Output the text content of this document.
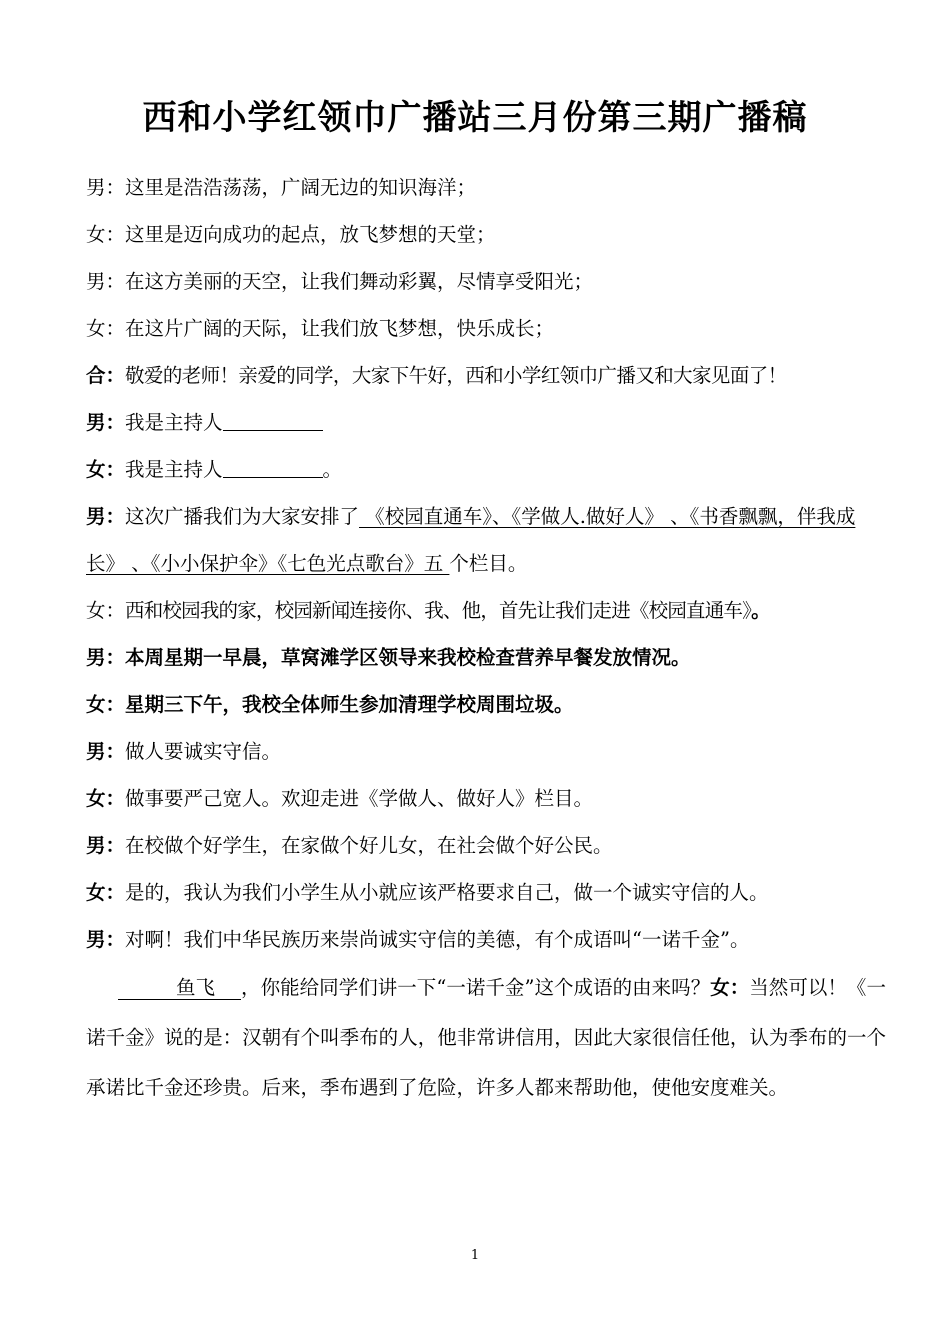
西和小学红领巾广播站三月份第三期广播稿
男：这里是浩浩荡荡，广阔无边的知识海洋；
女：这里是迈向成功的起点，放飞梦想的天堂；
男：在这方美丽的天空，让我们舞动彩翼，尽情享受阳光；
女：在这片广阔的天际，让我们放飞梦想，快乐成长；
合：敬爱的老师！亲爱的同学，大家下午好，西和小学红领巾广播又和大家见面了！
男：我是主持人
女：我是主持人	。
男：这次广播我们为大家安排了 《校园直通车》、《学做人.做好人》 、《书香飘飘，伴我成长》 、《小小保护伞》《七色光点歌台》五 个栏目。
女：西和校园我的家，校园新闻连接你、我、他，首先让我们走进《校园直通车》。
男：本周星期一早晨，草窝滩学区领导来我校检查营养早餐发放情况。
女：星期三下午，我校全体师生参加清理学校周围垃圾。
男：做人要诚实守信。
女：做事要严己宽人。欢迎走进《学做人、做好人》栏目。
男：在校做个好学生，在家做个好儿女，在社会做个好公民。
女：是的，我认为我们小学生从小就应该严格要求自己，做一个诚实守信的人。
男：对啊！我们中华民族历来崇尚诚实守信的美德，有个成语叫“一诺千金”。
鱼飞 ，你能给同学们讲一下“一诺千金”这个成语的由来吗？女：当然可以！《一诺千金》说的是：汉朝有个叫季布的人，他非常讲信用，因此大家很信任他，认为季布的一个承诺比千金还珍贵。后来，季布遇到了危险，许多人都来帮助他，使他安度难关。
1
